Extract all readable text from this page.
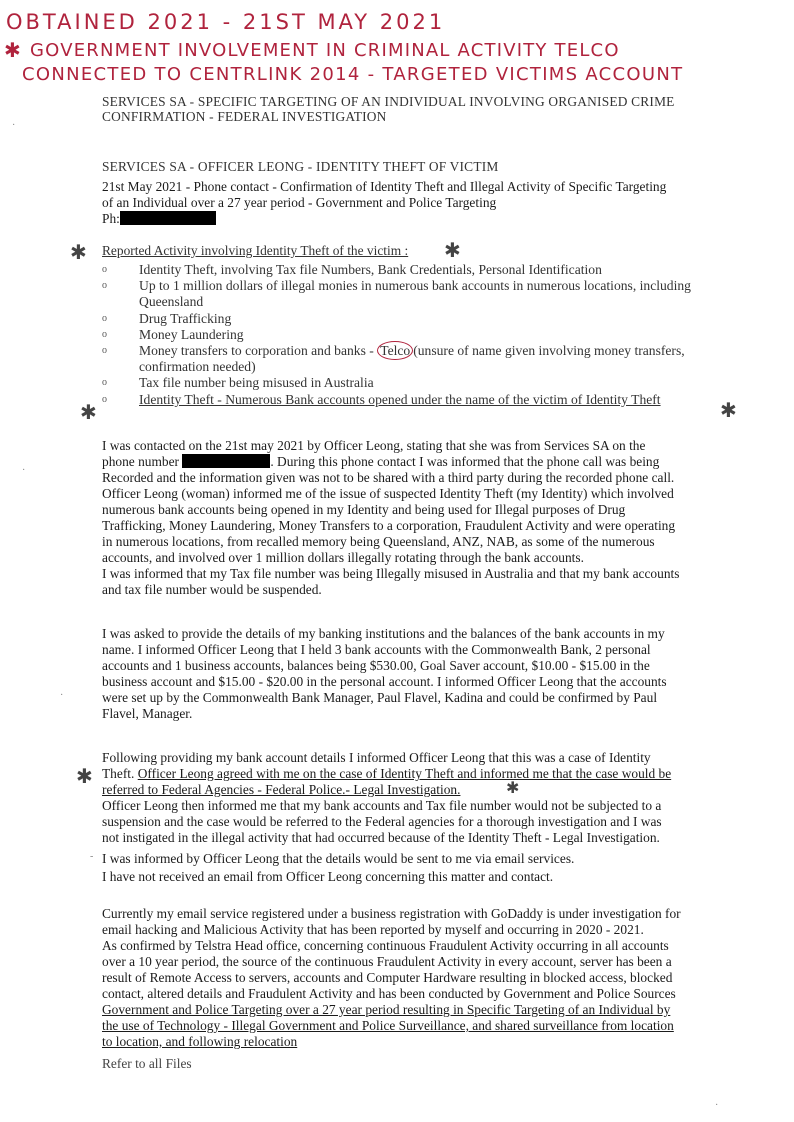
OBTAINED 2021 - 21ST MAY 2021
✱ GOVERNMENT INVOLVEMENT IN CRIMINAL ACTIVITY TELCO
CONNECTED TO CENTRLINK 2014 - TARGETED VICTIMS ACCOUNT
SERVICES SA - SPECIFIC TARGETING OF AN INDIVIDUAL INVOLVING ORGANISED CRIME
CONFIRMATION - FEDERAL INVESTIGATION
SERVICES SA - OFFICER LEONG - IDENTITY THEFT OF VICTIM
21st May 2021 - Phone contact - Confirmation of Identity Theft and Illegal Activity of Specific Targeting
of an Individual over a 27 year period - Government and Police Targeting
Ph:
✱ Reported Activity involving Identity Theft of the victim :	✱
o Identity Theft, involving Tax file Numbers, Bank Credentials, Personal Identification
o Up to 1 million dollars of illegal monies in numerous bank accounts in numerous locations, including
Queensland
o Drug Trafficking
o Money Laundering
o Money transfers to corporation and banks - Telco (unsure of name given involving money transfers,
confirmation needed)
o Tax file number being misused in Australia
o Identity Theft - Numerous Bank accounts opened under the name of the victim of Identity Theft
✱	✱
I was contacted on the 21st may 2021 by Officer Leong, stating that she was from Services SA on the
phone number	. During this phone contact I was informed that the phone call was being
Recorded and the information given was not to be shared with a third party during the recorded phone call.
Officer Leong (woman) informed me of the issue of suspected Identity Theft (my Identity) which involved
numerous bank accounts being opened in my Identity and being used for Illegal purposes of Drug
Trafficking, Money Laundering, Money Transfers to a corporation, Fraudulent Activity and were operating
in numerous locations, from recalled memory being Queensland, ANZ, NAB, as some of the numerous
accounts, and involved over 1 million dollars illegally rotating through the bank accounts.
I was informed that my Tax file number was being Illegally misused in Australia and that my bank accounts
and tax file number would be suspended.
I was asked to provide the details of my banking institutions and the balances of the bank accounts in my
name. I informed Officer Leong that I held 3 bank accounts with the Commonwealth Bank, 2 personal
accounts and 1 business accounts, balances being $530.00, Goal Saver account, $10.00 - $15.00 in the
business account and $15.00 - $20.00 in the personal account. I informed Officer Leong that the accounts
were set up by the Commonwealth Bank Manager, Paul Flavel, Kadina and could be confirmed by Paul
Flavel, Manager.
Following providing my bank account details I informed Officer Leong that this was a case of Identity
✱ Theft. Officer Leong agreed with me on the case of Identity Theft and informed me that the case would be
referred to Federal Agencies - Federal Police.- Legal Investigation.	✱
Officer Leong then informed me that my bank accounts and Tax file number would not be subjected to a
suspension and the case would be referred to the Federal agencies for a thorough investigation and I was
not instigated in the illegal activity that had occurred because of the Identity Theft - Legal Investigation.
I was informed by Officer Leong that the details would be sent to me via email services.
I have not received an email from Officer Leong concerning this matter and contact.
Currently my email service registered under a business registration with GoDaddy is under investigation for
email hacking and Malicious Activity that has been reported by myself and occurring in 2020 - 2021.
As confirmed by Telstra Head office, concerning continuous Fraudulent Activity occurring in all accounts
over a 10 year period, the source of the continuous Fraudulent Activity in every account, server has been a
result of Remote Access to servers, accounts and Computer Hardware resulting in blocked access, blocked
contact, altered details and Fraudulent Activity and has been conducted by Government and Police Sources
Government and Police Targeting over a 27 year period resulting in Specific Targeting of an Individual by
the use of Technology - Illegal Government and Police Surveillance, and shared surveillance from location
to location, and following relocation
Refer to all Files
·
·
·
-
·
